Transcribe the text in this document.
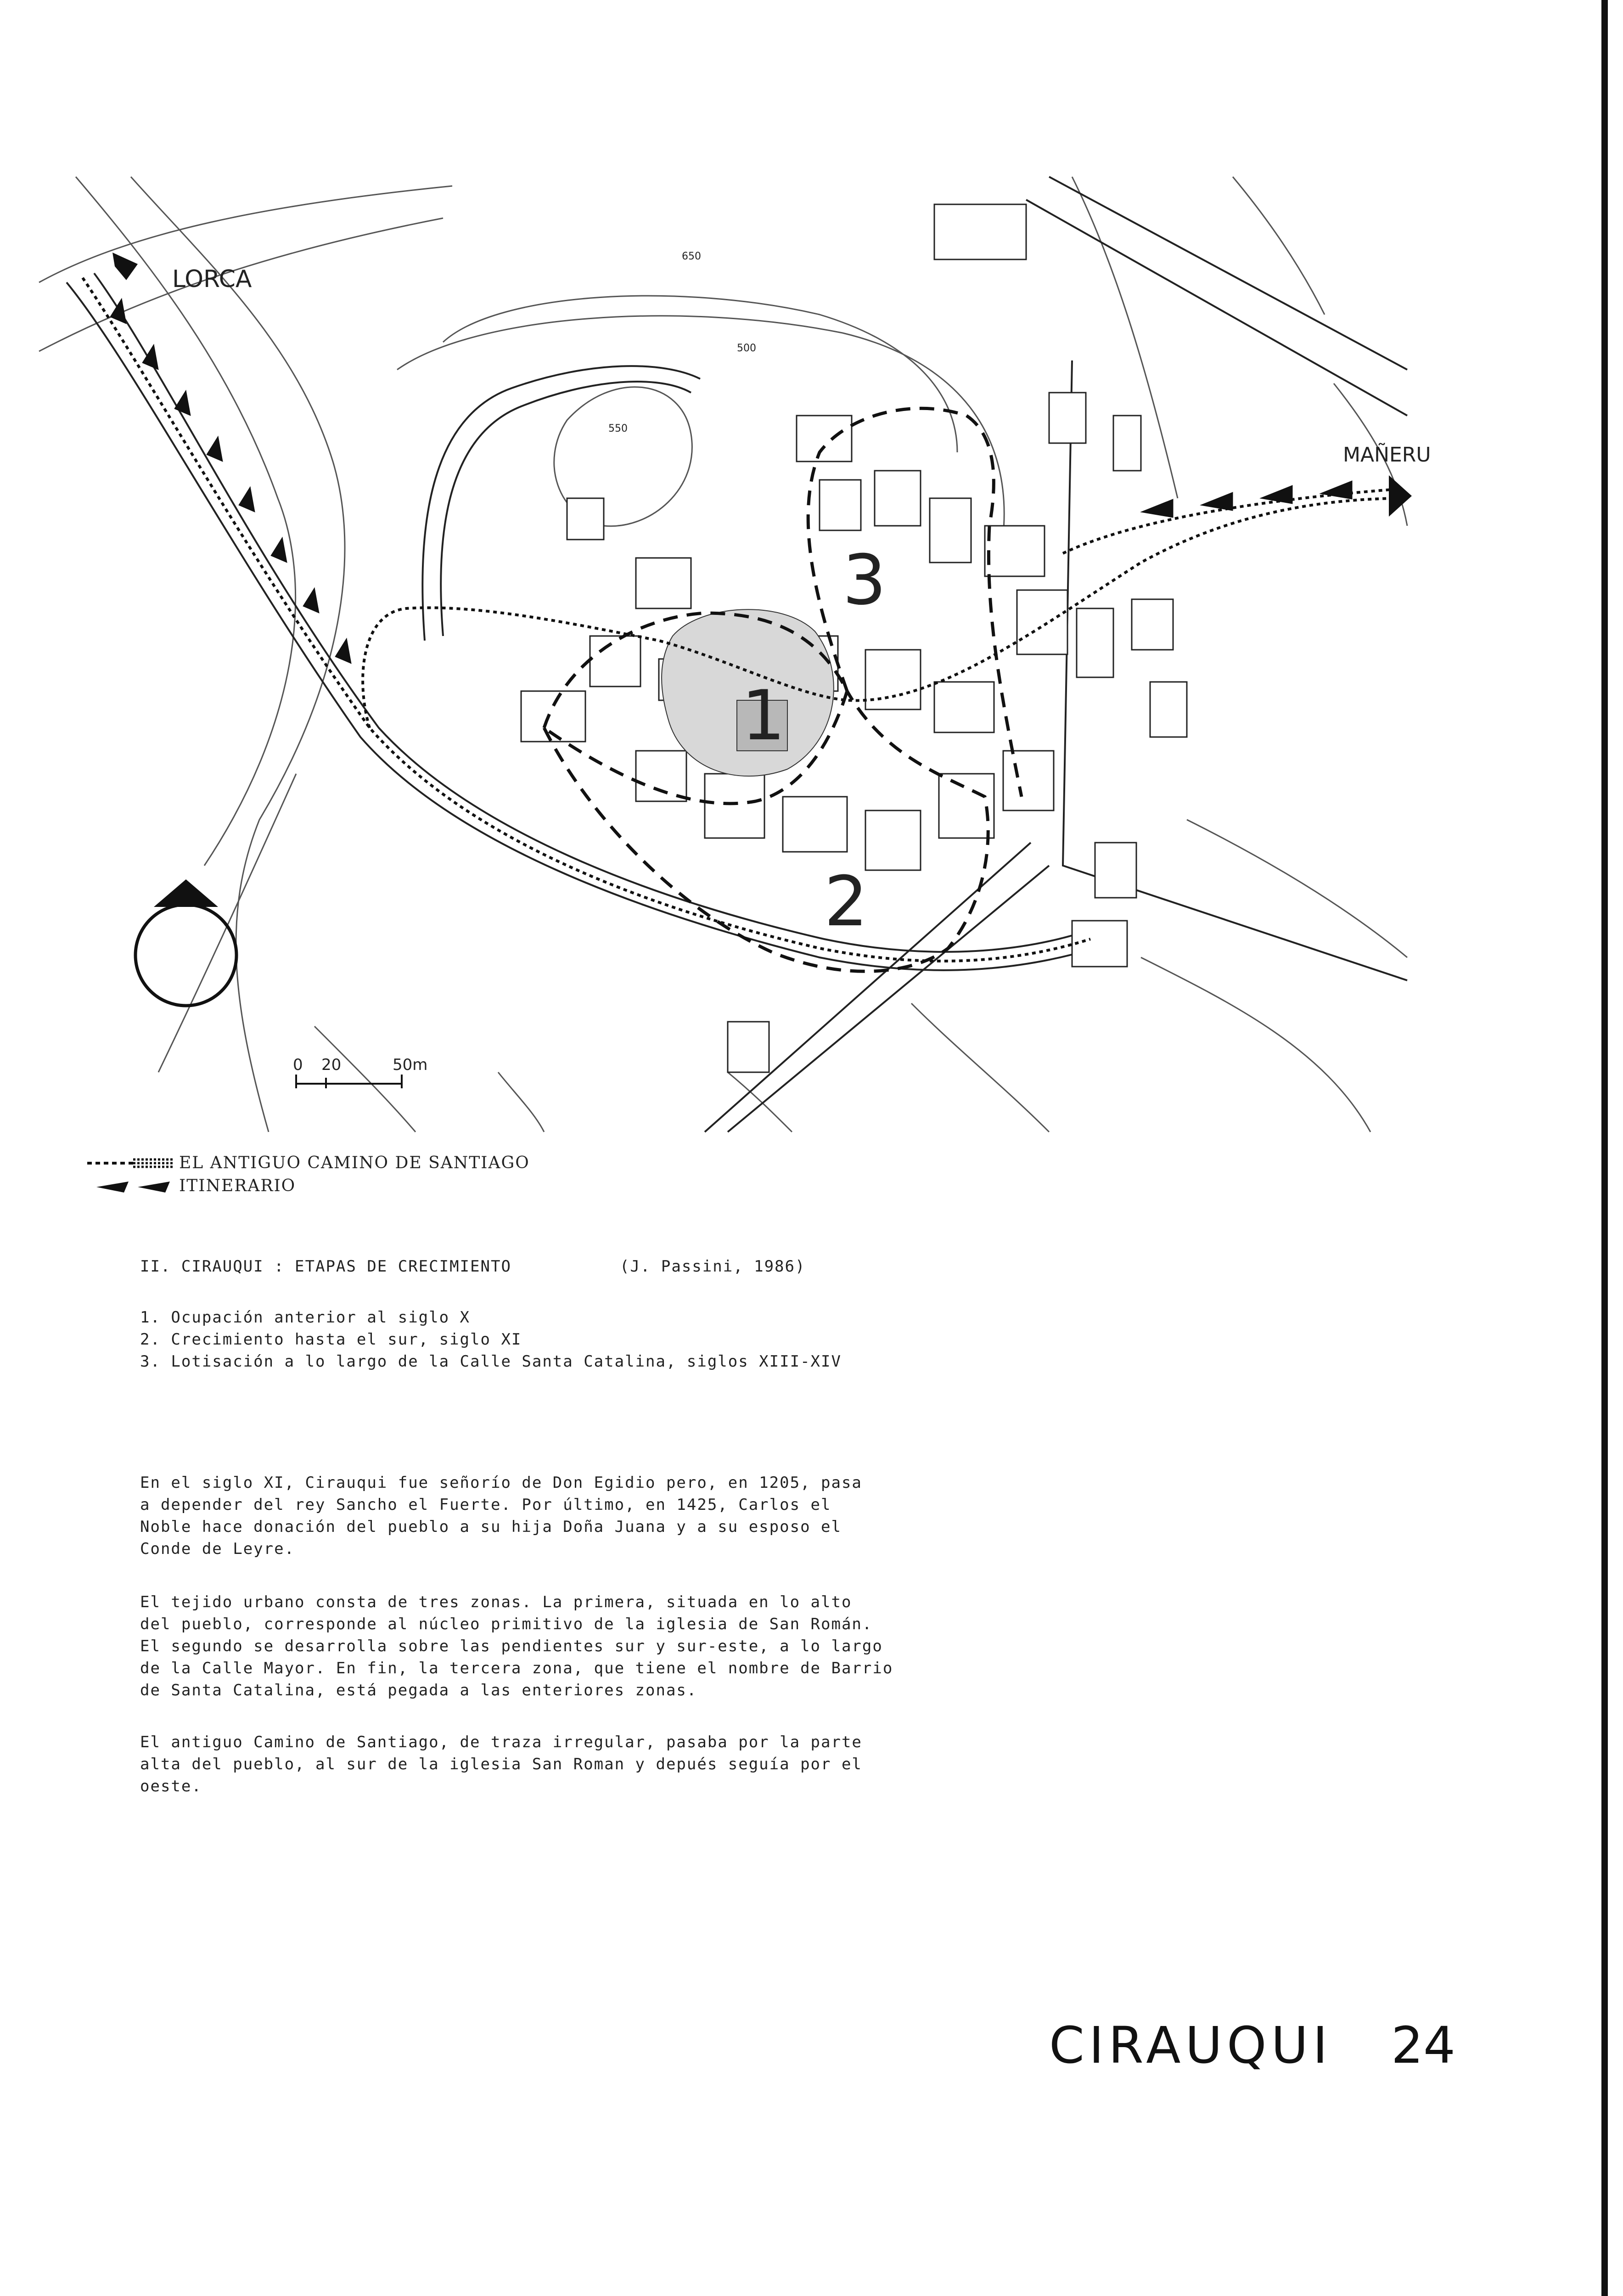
LORCA
MAÑERU
650
500
550
1
2
3
0 20	50m
EL ANTIGUO CAMINO DE SANTIAGO
ITINERARIO
II. CIRAUQUI : ETAPAS DE CRECIMIENTO	(J. Passini, 1986)
1. Ocupación anterior al siglo X
2. Crecimiento hasta el sur, siglo XI
3. Lotisación a lo largo de la Calle Santa Catalina, siglos XIII-XIV
En el siglo XI, Cirauqui fue señorío de Don Egidio pero, en 1205, pasa
a depender del rey Sancho el Fuerte. Por último, en 1425, Carlos el
Noble hace donación del pueblo a su hija Doña Juana y a su esposo el
Conde de Leyre.
El tejido urbano consta de tres zonas. La primera, situada en lo alto
del pueblo, corresponde al núcleo primitivo de la iglesia de San Román.
El segundo se desarrolla sobre las pendientes sur y sur-este, a lo largo
de la Calle Mayor. En fin, la tercera zona, que tiene el nombre de Barrio
de Santa Catalina, está pegada a las enteriores zonas.
El antiguo Camino de Santiago, de traza irregular, pasaba por la parte
alta del pueblo, al sur de la iglesia San Roman y depués seguía por el
oeste.
CIRAUQUI 24
